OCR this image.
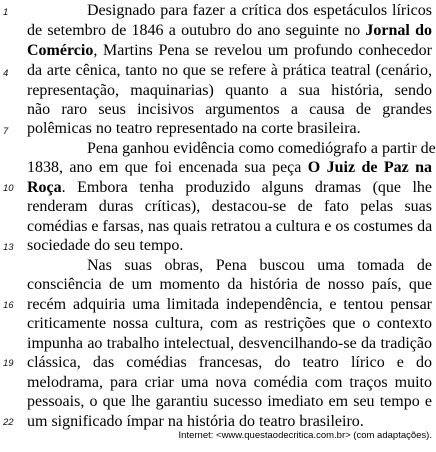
1
4
7
10
13
16
19
22
Designado para fazer a crítica dos espetáculos líricos
de setembro de 1846 a outubro do ano seguinte no Jornal do
Comércio, Martins Pena se revelou um profundo conhecedor
da arte cênica, tanto no que se refere à prática teatral (cenário,
representação, maquinarias) quanto a sua história, sendo
não raro seus incisivos argumentos a causa de grandes
polêmicas no teatro representado na corte brasileira.
Pena ganhou evidência como comediógrafo a partir de
1838, ano em que foi encenada sua peça O Juiz de Paz na
Roça. Embora tenha produzido alguns dramas (que lhe
renderam duras críticas), destacou-se de fato pelas suas
comédias e farsas, nas quais retratou a cultura e os costumes da
sociedade do seu tempo.
Nas suas obras, Pena buscou uma tomada de
consciência de um momento da história de nosso país, que
recém adquiria uma limitada independência, e tentou pensar
criticamente nossa cultura, com as restrições que o contexto
impunha ao trabalho intelectual, desvencilhando-se da tradição
clássica, das comédias francesas, do teatro lírico e do
melodrama, para criar uma nova comédia com traços muito
pessoais, o que lhe garantiu sucesso imediato em seu tempo e
um significado ímpar na história do teatro brasileiro.
Internet: <www.questaodecritica.com.br> (com adaptações).
